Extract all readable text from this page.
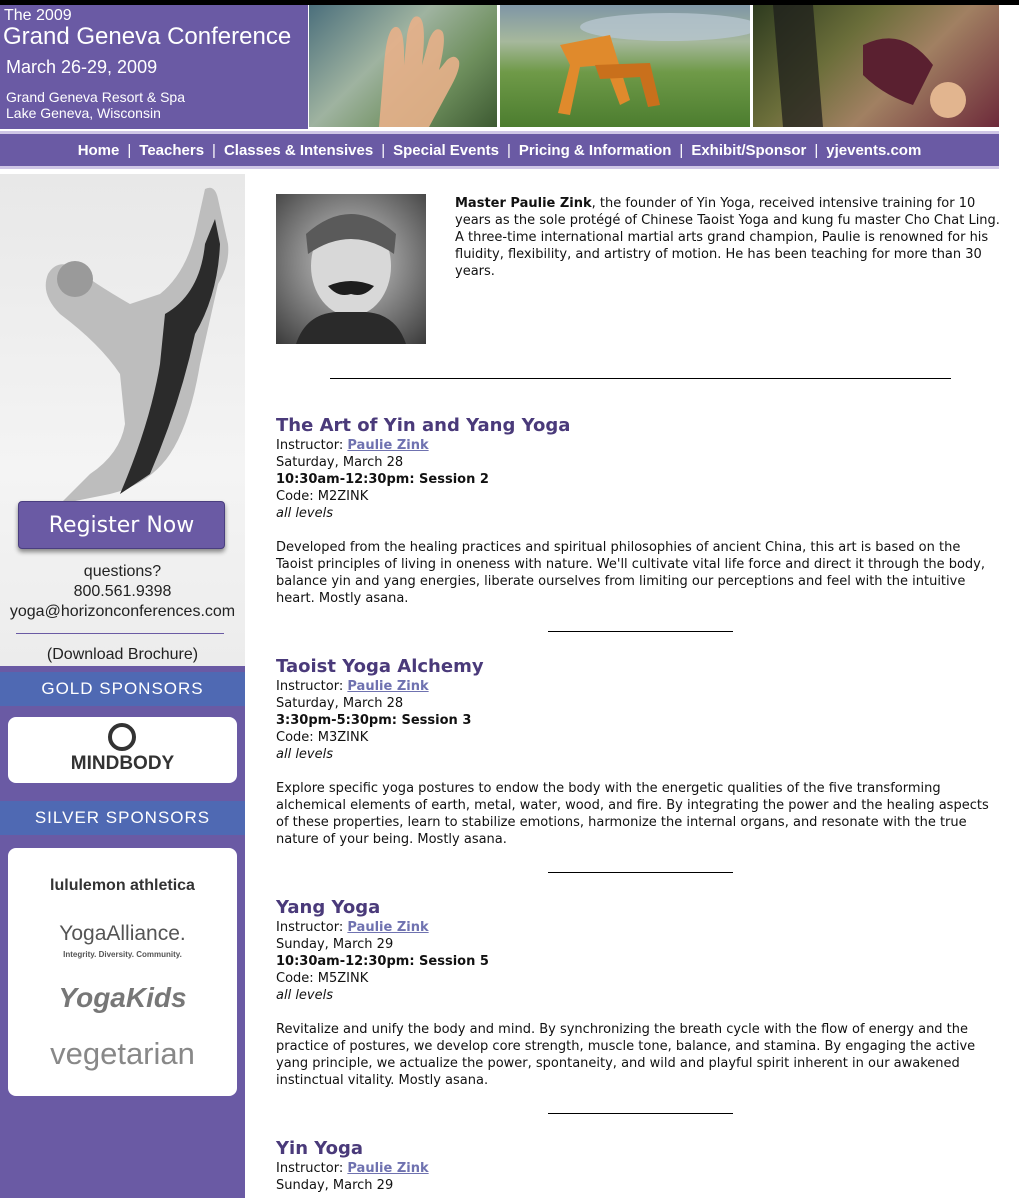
The 2009
Grand Geneva Conference
March 26-29, 2009
Grand Geneva Resort & Spa
Lake Geneva, Wisconsin
Home | Teachers | Classes & Intensives | Special Events | Pricing & Information | Exhibit/Sponsor | yjevents.com
Register Now
questions?
800.561.9398
yoga@horizonconferences.com
(Download Brochure)
GOLD SPONSORS
MINDBODY
SILVER SPONSORS
lululemon athletica
YogaAlliance.
Integrity. Diversity. Community.
YogaKids
vegetarian
Master Paulie Zink, the founder of Yin Yoga, received intensive training for 10 years as the sole protégé of Chinese Taoist Yoga and kung fu master Cho Chat Ling. A three-time international martial arts grand champion, Paulie is renowned for his fluidity, flexibility, and artistry of motion. He has been teaching for more than 30 years.
The Art of Yin and Yang Yoga
Instructor: Paulie Zink
Saturday, March 28
10:30am-12:30pm: Session 2
Code: M2ZINK
all levels
Developed from the healing practices and spiritual philosophies of ancient China, this art is based on the Taoist principles of living in oneness with nature. We'll cultivate vital life force and direct it through the body, balance yin and yang energies, liberate ourselves from limiting our perceptions and feel with the intuitive heart. Mostly asana.
Taoist Yoga Alchemy
Instructor: Paulie Zink
Saturday, March 28
3:30pm-5:30pm: Session 3
Code: M3ZINK
all levels
Explore specific yoga postures to endow the body with the energetic qualities of the five transforming alchemical elements of earth, metal, water, wood, and fire. By integrating the power and the healing aspects of these properties, learn to stabilize emotions, harmonize the internal organs, and resonate with the true nature of your being. Mostly asana.
Yang Yoga
Instructor: Paulie Zink
Sunday, March 29
10:30am-12:30pm: Session 5
Code: M5ZINK
all levels
Revitalize and unify the body and mind. By synchronizing the breath cycle with the flow of energy and the practice of postures, we develop core strength, muscle tone, balance, and stamina. By engaging the active yang principle, we actualize the power, spontaneity, and wild and playful spirit inherent in our awakened instinctual vitality. Mostly asana.
Yin Yoga
Instructor: Paulie Zink
Sunday, March 29
